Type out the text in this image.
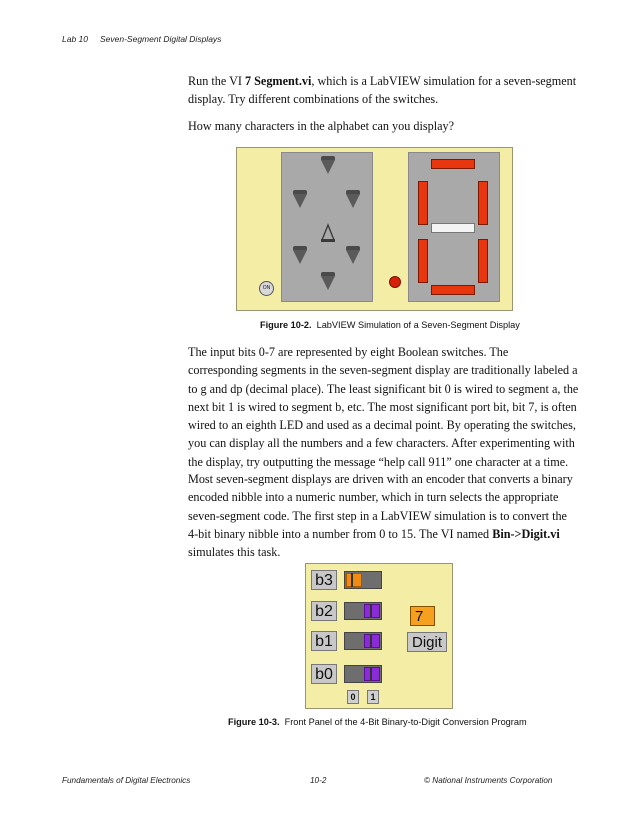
Lab 10 Seven-Segment Digital Displays
Run the VI 7 Segment.vi, which is a LabVIEW simulation for a seven-segment display. Try different combinations of the switches.
How many characters in the alphabet can you display?
ON
Figure 10-2. LabVIEW Simulation of a Seven-Segment Display
The input bits 0-7 are represented by eight Boolean switches. The corresponding segments in the seven-segment display are traditionally labeled a to g and dp (decimal place). The least significant bit 0 is wired to segment a, the next bit 1 is wired to segment b, etc. The most significant port bit, bit 7, is often wired to an eighth LED and used as a decimal point. By operating the switches, you can display all the numbers and a few characters. After experimenting with the display, try outputting the message “help call 911” one character at a time.
Most seven-segment displays are driven with an encoder that converts a binary encoded nibble into a numeric number, which in turn selects the appropriate seven-segment code. The first step in a LabVIEW simulation is to convert the 4-bit binary nibble into a number from 0 to 15. The VI named Bin->Digit.vi simulates this task.
b3
b2
b1
b0
7
Digit
0	1
Figure 10-3. Front Panel of the 4-Bit Binary-to-Digit Conversion Program
Fundamentals of Digital Electronics	10-2	© National Instruments Corporation
